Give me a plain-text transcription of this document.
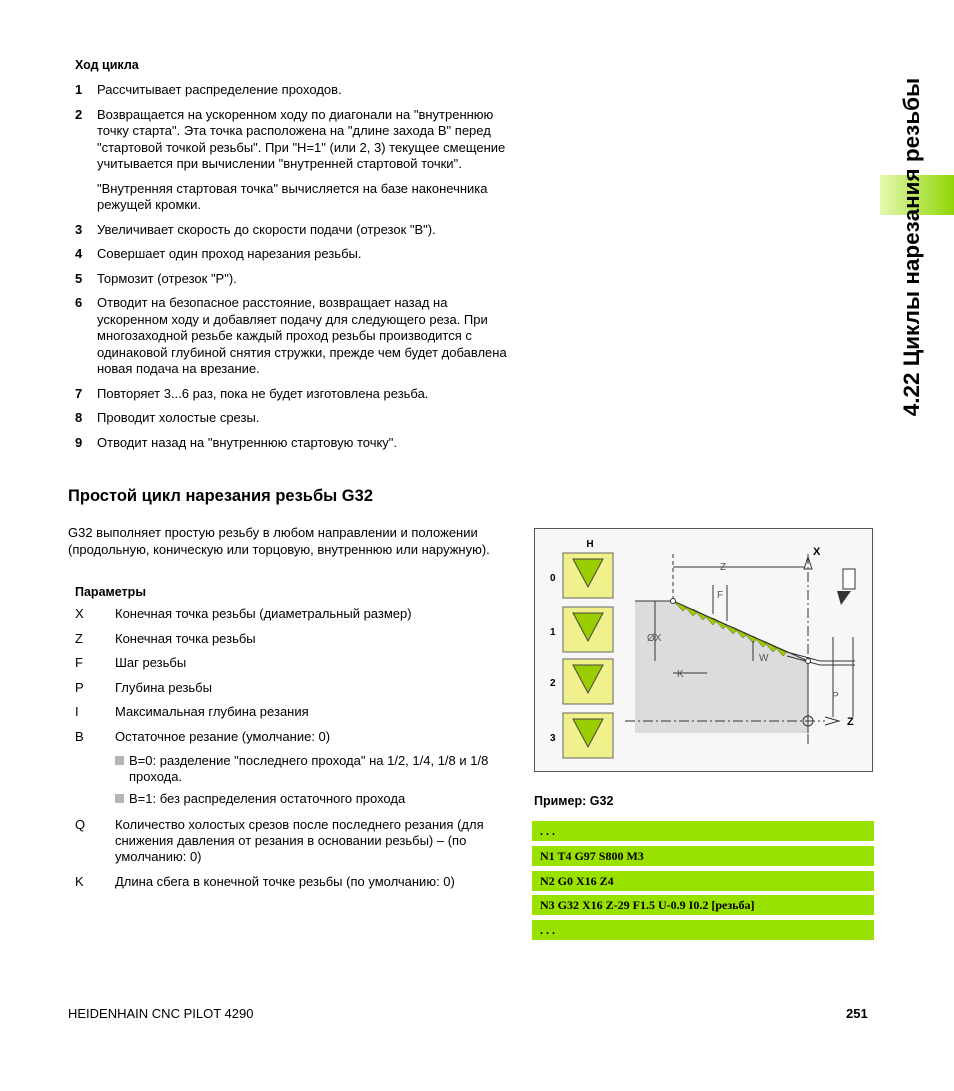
Ход цикла
1	Рассчитывает распределение проходов.
2	Возвращается на ускоренном ходу по диагонали на "внутреннюю точку старта". Эта точка расположена на "длине захода B" перед "стартовой точкой резьбы". При "H=1" (или 2, 3) текущее смещение учитывается при вычислении "внутренней стартовой точки".
"Внутренняя стартовая точка" вычисляется на базе наконечника режущей кромки.
3	Увеличивает скорость до скорости подачи (отрезок "B").
4	Совершает один проход нарезания резьбы.
5	Тормозит (отрезок "P").
6	Отводит на безопасное расстояние, возвращает назад на ускоренном ходу и добавляет подачу для следующего реза. При многозаходной резьбе каждый проход резьбы производится с одинаковой глубиной снятия стружки, прежде чем будет добавлена новая подача на врезание.
7	Повторяет 3...6 раз, пока не будет изготовлена резьба.
8	Проводит холостые срезы.
9	Отводит назад на "внутреннюю стартовую точку".
Простой цикл нарезания резьбы G32
G32 выполняет простую резьбу в любом направлении и положении (продольную, коническую или торцовую, внутреннюю или наружную).
Параметры
X	Конечная точка резьбы (диаметральный размер)
Z	Конечная точка резьбы
F	Шаг резьбы
P	Глубина резьбы
I	Максимальная глубина резания
B	Остаточное резание (умолчание: 0)
B=0: разделение "последнего прохода" на 1/2, 1/4, 1/8 и 1/8 прохода.
B=1: без распределения остаточного прохода
Q	Количество холостых срезов после последнего резания (для снижения давления от резания в основании резьбы) – (по умолчанию: 0)
K	Длина сбега в конечной точке резьбы (по умолчанию: 0)
4.22 Циклы нарезания резьбы
H
0
1
2
3
X
Z
Z
F
ØX
K
W
P
Пример: G32
. . .
N1 T4 G97 S800 M3
N2 G0 X16 Z4
N3 G32 X16 Z-29 F1.5 U-0.9 I0.2 [резьба]
. . .
HEIDENHAIN CNC PILOT 4290	251
